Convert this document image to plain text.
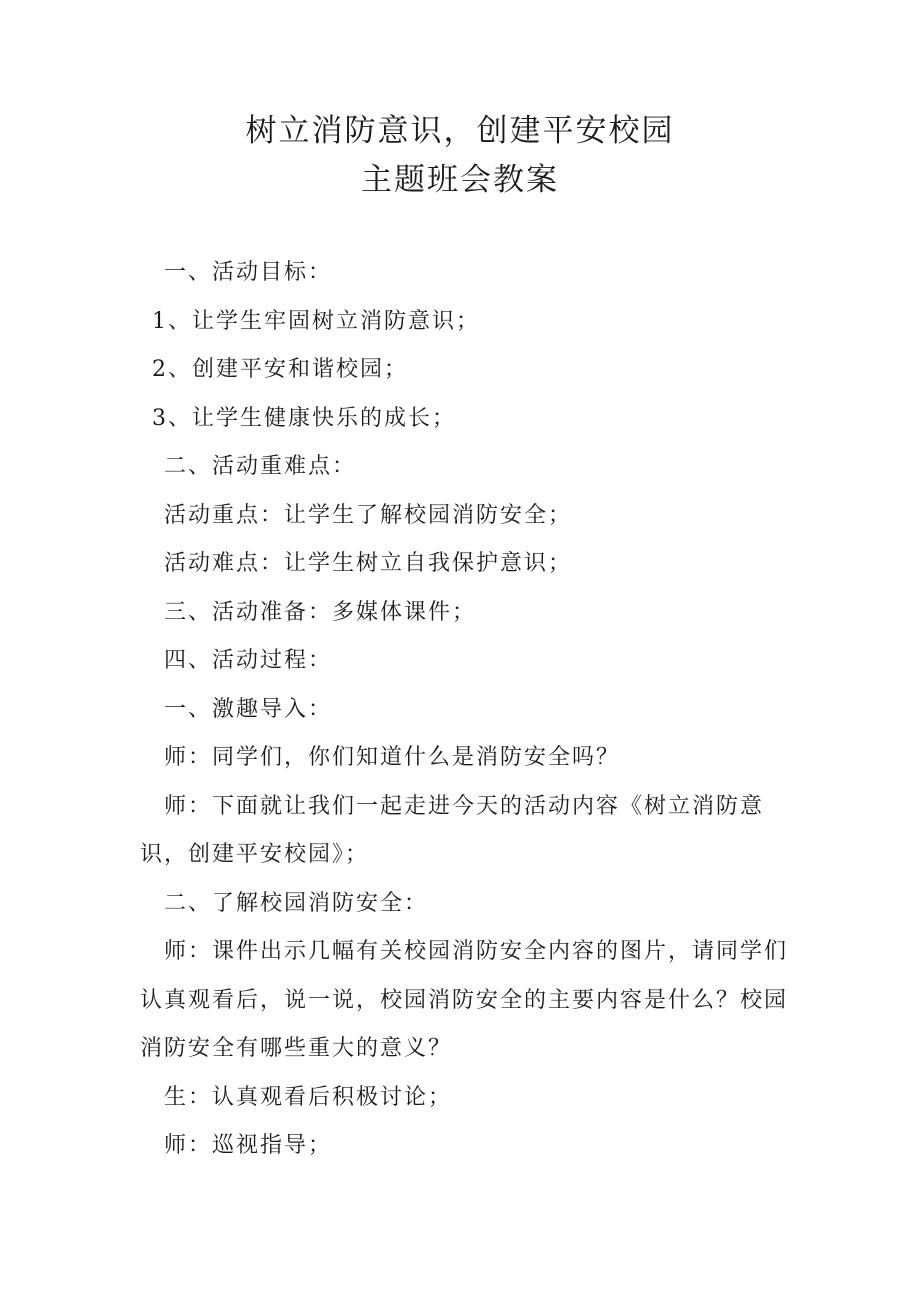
树立消防意识，创建平安校园
主题班会教案

一、活动目标：

1、让学生牢固树立消防意识；

2、创建平安和谐校园；

3、让学生健康快乐的成长；

二、活动重难点：

活动重点：让学生了解校园消防安全；

活动难点：让学生树立自我保护意识；

三、活动准备：多媒体课件；

四、活动过程：

一、激趣导入：

师：同学们，你们知道什么是消防安全吗？

师：下面就让我们一起走进今天的活动内容《树立消防意

识，创建平安校园》；

二、了解校园消防安全：

师：课件出示几幅有关校园消防安全内容的图片，请同学们

认真观看后，说一说，校园消防安全的主要内容是什么？校园

消防安全有哪些重大的意义？

生：认真观看后积极讨论；

师：巡视指导；
